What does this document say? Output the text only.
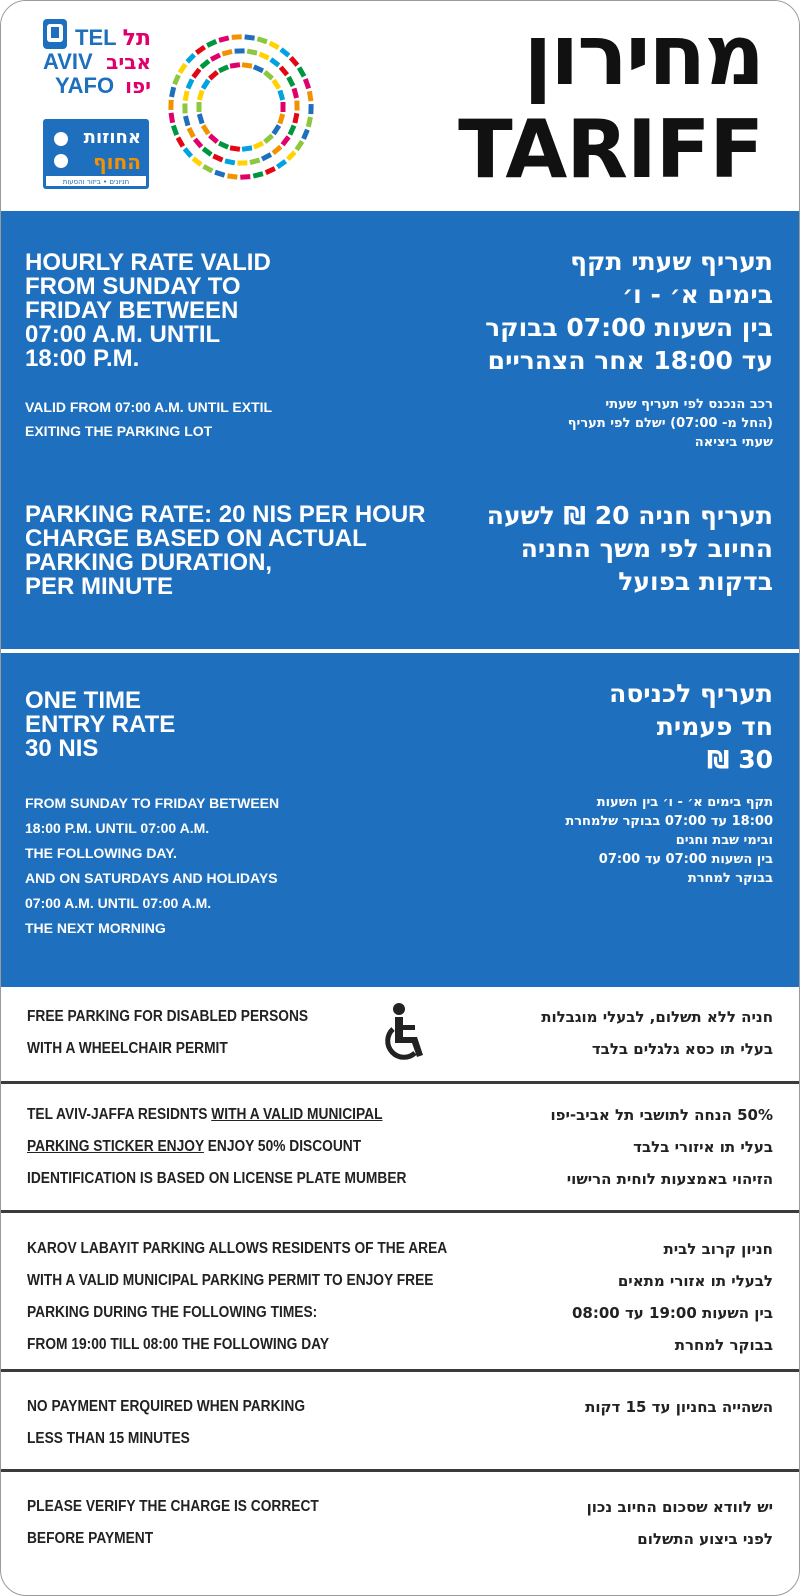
TEL
AVIV
YAFO
תל
אביב
יפו
אחוזות
החוף
חניונים • ביזור והסעות
מחירון
TARIFF
HOURLY RATE VALID
FROM SUNDAY TO
FRIDAY BETWEEN
07:00 A.M. UNTIL
18:00 P.M.
VALID FROM 07:00 A.M. UNTIL EXTIL
EXITING THE PARKING LOT
PARKING RATE: 20 NIS PER HOUR
CHARGE BASED ON ACTUAL
PARKING DURATION,
PER MINUTE
תעריף שעתי תקף
בימים א׳ - ו׳
בין השעות 07:00 בבוקר
עד 18:00 אחר הצהריים
רכב הנכנס לפי תעריף שעתי
(החל מ- 07:00) ישלם לפי תעריף
שעתי ביציאה
תעריף חניה 20 ₪ לשעה
החיוב לפי משך החניה
בדקות בפועל
ONE TIME
ENTRY RATE
30 NIS
FROM SUNDAY TO FRIDAY BETWEEN
18:00 P.M. UNTIL 07:00 A.M.
THE FOLLOWING DAY.
AND ON SATURDAYS AND HOLIDAYS
07:00 A.M. UNTIL 07:00 A.M.
THE NEXT MORNING
תעריף לכניסה
חד פעמית
30 ₪
תקף בימים א׳ - ו׳ בין השעות
18:00 עד 07:00 בבוקר שלמחרת
ובימי שבת וחגים
בין השעות 07:00 עד 07:00
בבוקר למחרת
FREE PARKING FOR DISABLED PERSONS
WITH A WHEELCHAIR PERMIT
חניה ללא תשלום, לבעלי מוגבלות
בעלי תו כסא גלגלים בלבד
TEL AVIV-JAFFA RESIDNTS WITH A VALID MUNICIPAL
PARKING STICKER ENJOY ENJOY 50% DISCOUNT
IDENTIFICATION IS BASED ON LICENSE PLATE MUMBER
50% הנחה לתושבי תל אביב-יפו
בעלי תו איזורי בלבד
הזיהוי באמצעות לוחית הרישוי
KAROV LABAYIT PARKING ALLOWS RESIDENTS OF THE AREA
WITH A VALID MUNICIPAL PARKING PERMIT TO ENJOY FREE
PARKING DURING THE FOLLOWING TIMES:
FROM 19:00 TILL 08:00 THE FOLLOWING DAY
חניון קרוב לבית
לבעלי תו אזורי מתאים
בין השעות 19:00 עד 08:00
בבוקר למחרת
NO PAYMENT ERQUIRED WHEN PARKING
LESS THAN 15 MINUTES
השהייה בחניון עד 15 דקות
PLEASE VERIFY THE CHARGE IS CORRECT
BEFORE PAYMENT
יש לוודא שסכום החיוב נכון
לפני ביצוע התשלום
